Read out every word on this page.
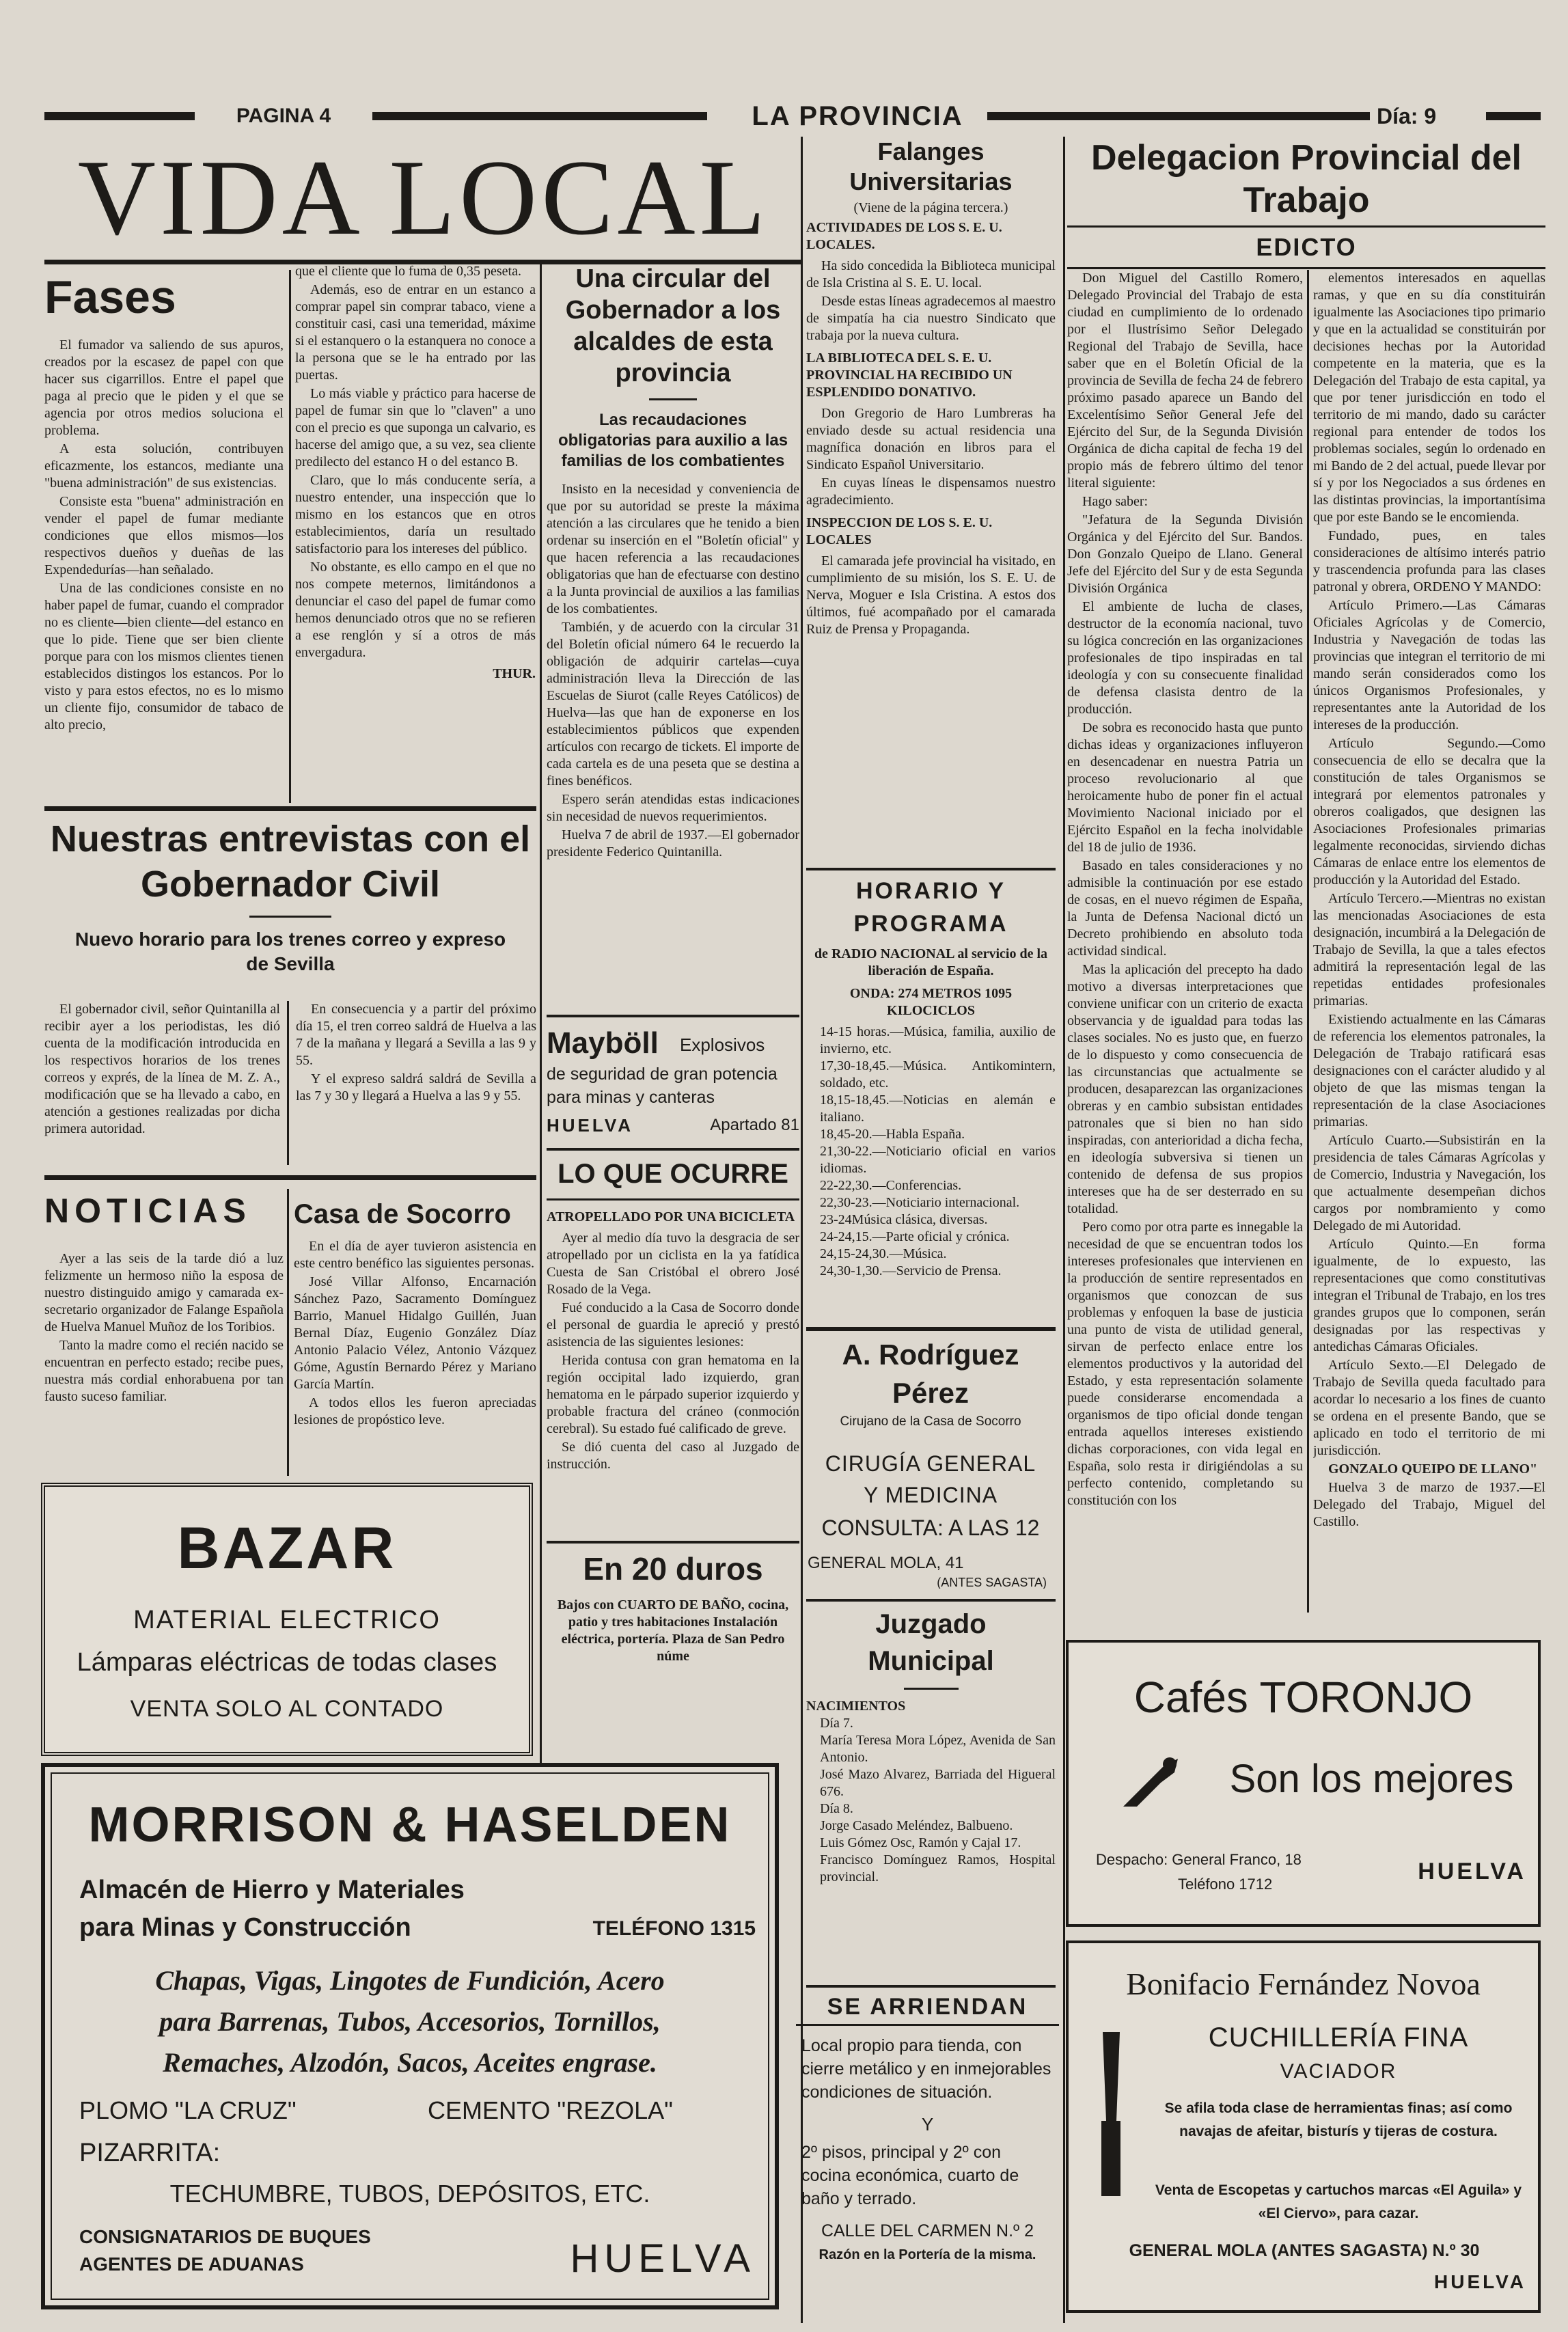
PAGINA 4	LA PROVINCIA	Día: 9
VIDA LOCAL
Fases

El fumador va saliendo de sus apuros, creados por la escasez de papel con que hacer sus cigarrillos. Entre el papel que paga al precio que le piden y el que se agencia por otros medios soluciona el problema.

A esta solución, contribuyen eficazmente, los estancos, mediante una "buena administración" de sus existencias.

Consiste esta "buena" administración en vender el papel de fumar mediante condiciones que ellos mismos—los respectivos dueños y dueñas de las Expendedurías—han señalado.

Una de las condiciones consiste en no haber papel de fumar, cuando el comprador no es cliente—bien cliente—del estanco en que lo pide. Tiene que ser bien cliente porque para con los mismos clientes tienen establecidos distingos los estancos. Por lo visto y para estos efectos, no es lo mismo un cliente fijo, consumidor de tabaco de alto precio,

que el cliente que lo fuma de 0,35 peseta.

Además, eso de entrar en un estanco a comprar papel sin comprar tabaco, viene a constituir casi, casi una temeridad, máxime si el estanquero o la estanquera no conoce a la persona que se le ha entrado por las puertas.

Lo más viable y práctico para hacerse de papel de fumar sin que lo "claven" a uno con el precio es que suponga un calvario, es hacerse del amigo que, a su vez, sea cliente predilecto del estanco H o del estanco B.

Claro, que lo más conducente sería, a nuestro entender, una inspección que lo mismo en los estancos que en otros establecimientos, daría un resultado satisfactorio para los intereses del público.

No obstante, es ello campo en el que no nos compete meternos, limitándonos a denunciar el caso del papel de fumar como hemos denunciado otros que no se refieren a ese renglón y sí a otros de más envergadura.

THUR.
Nuestras entrevistas con el Gobernador Civil
Nuevo horario para los trenes correo y expreso de Sevilla

El gobernador civil, señor Quintanilla al recibir ayer a los periodistas, les dió cuenta de la modificación introducida en los respectivos horarios de los trenes correos y exprés, de la línea de M. Z. A., modificación que se ha llevado a cabo, en atención a gestiones realizadas por dicha primera autoridad.

En consecuencia y a partir del próximo día 15, el tren correo saldrá de Huelva a las 7 de la mañana y llegará a Sevilla a las 9 y 55.

Y el expreso saldrá saldrá de Sevilla a las 7 y 30 y llegará a Huelva a las 9 y 55.

NOTICIAS

Ayer a las seis de la tarde dió a luz felizmente un hermoso niño la esposa de nuestro distinguido amigo y camarada ex-secretario organizador de Falange Española de Huelva Manuel Muñoz de los Toribios.

Tanto la madre como el recién nacido se encuentran en perfecto estado; recibe pues, nuestra más cordial enhorabuena por tan fausto suceso familiar.

Casa de Socorro

En el día de ayer tuvieron asistencia en este centro benéfico las siguientes personas.

José Villar Alfonso, Encarnación Sánchez Pazo, Sacramento Domínguez Barrio, Manuel Hidalgo Guillén, Juan Bernal Díaz, Eugenio González Díaz Antonio Palacio Vélez, Antonio Vázquez Góme, Agustín Bernardo Pérez y Mariano García Martín.

A todos ellos les fueron apreciadas lesiones de propóstico leve.

BAZAR
MATERIAL ELECTRICO
Lámparas eléctricas de todas clases
VENTA SOLO AL CONTADO
Una circular del Gobernador a los alcaldes de esta provincia
Las recaudaciones obligatorias para auxilio a las familias de los combatientes

Insisto en la necesidad y conveniencia de que por su autoridad se preste la máxima atención a las circulares que he tenido a bien ordenar su inserción en el "Boletín oficial" y que hacen referencia a las recaudaciones obligatorias que han de efectuarse con destino a la Junta provincial de auxilios a las familias de los combatientes.

También, y de acuerdo con la circular 31 del Boletín oficial número 64 le recuerdo la obligación de adquirir cartelas—cuya administración lleva la Dirección de las Escuelas de Siurot (calle Reyes Católicos) de Huelva—las que han de exponerse en los establecimientos públicos que expenden artículos con recargo de tickets. El importe de cada cartela es de una peseta que se destina a fines benéficos.

Espero serán atendidas estas indicaciones sin necesidad de nuevos requerimientos.

Huelva 7 de abril de 1937.—El gobernador presidente Federico Quintanilla.

Mayböll	Explosivos
de seguridad de gran potencia para minas y canteras
HUELVA	Apartado 81
LO QUE OCURRE
ATROPELLADO POR UNA BICICLETA

Ayer al medio día tuvo la desgracia de ser atropellado por un ciclista en la ya fatídica Cuesta de San Cristóbal el obrero José Rosado de la Vega.

Fué conducido a la Casa de Socorro donde el personal de guardia le apreció y prestó asistencia de las siguientes lesiones:

Herida contusa con gran hematoma en la región occipital lado izquierdo, gran hematoma en le párpado superior izquierdo y probable fractura del cráneo (conmoción cerebral). Su estado fué calificado de greve.

Se dió cuenta del caso al Juzgado de instrucción.

En 20 duros
Bajos con CUARTO DE BAÑO, cocina, patio y tres habitaciones Instalación eléctrica, portería. Plaza de San Pedro núme
MORRISON & HASELDEN
Almacén de Hierro y Materiales
para Minas y Construcción	TELÉFONO 1315
Chapas, Vigas, Lingotes de Fundición, Acero
para Barrenas, Tubos, Accesorios, Tornillos,
Remaches, Alzodón, Sacos, Aceites engrase.
PLOMO "LA CRUZ"	CEMENTO "REZOLA"
PIZARRITA:
TECHUMBRE, TUBOS, DEPÓSITOS, ETC.
CONSIGNATARIOS DE BUQUES
AGENTES DE ADUANAS	HUELVA
Falanges Universitarias
(Viene de la página tercera.)
ACTIVIDADES DE LOS S. E. U. LOCALES.

Ha sido concedida la Biblioteca municipal de Isla Cristina al S. E. U. local.

Desde estas líneas agradecemos al maestro de simpatía ha cia nuestro Sindicato que trabaja por la nueva cultura.

LA BIBLIOTECA DEL S. E. U. PROVINCIAL HA RECIBIDO UN ESPLENDIDO DONATIVO.

Don Gregorio de Haro Lumbreras ha enviado desde su actual residencia una magnífica donación en libros para el Sindicato Español Universitario.

En cuyas líneas le dispensamos nuestro agradecimiento.

INSPECCION DE LOS S. E. U. LOCALES

El camarada jefe provincial ha visitado, en cumplimiento de su misión, los S. E. U. de Nerva, Moguer e Isla Cristina. A estos dos últimos, fué acompañado por el camarada Ruiz de Prensa y Propaganda.

HORARIO Y PROGRAMA
de RADIO NACIONAL al servicio de la liberación de España.
ONDA: 274 METROS 1095 KILOCICLOS
14-15 horas.—Música, familia, auxilio de invierno, etc.
17,30-18,45.—Música. Antikomintern, soldado, etc.
18,15-18,45.—Noticias en alemán e italiano.
18,45-20.—Habla España.
21,30-22.—Noticiario oficial en varios idiomas.
22-22,30.—Conferencias.
22,30-23.—Noticiario internacional.
23-24Música clásica, diversas.
24-24,15.—Parte oficial y crónica.
24,15-24,30.—Música.
24,30-1,30.—Servicio de Prensa.
A. Rodríguez Pérez
Cirujano de la Casa de Socorro
CIRUGÍA GENERAL
Y MEDICINA
CONSULTA: A LAS 12
GENERAL MOLA, 41
(ANTES SAGASTA)
Juzgado Municipal
NACIMIENTOS
Día 7.
María Teresa Mora López, Avenida de San Antonio.
José Mazo Alvarez, Barriada del Higueral 676.
Día 8.
Jorge Casado Meléndez, Balbueno.
Luis Gómez Osc, Ramón y Cajal 17.
Francisco Domínguez Ramos, Hospital provincial.
SE ARRIENDAN
Local propio para tienda, con cierre metálico y en inmejorables condiciones de situación.
Y
2º pisos, principal y 2º con cocina económica, cuarto de baño y terrado.
CALLE DEL CARMEN N.º 2
Razón en la Portería de la misma.
Delegacion Provincial del Trabajo
EDICTO

Don Miguel del Castillo Romero, Delegado Provincial del Trabajo de esta ciudad en cumplimiento de lo ordenado por el Ilustrísimo Señor Delegado Regional del Trabajo de Sevilla, hace saber que en el Boletín Oficial de la provincia de Sevilla de fecha 24 de febrero próximo pasado aparece un Bando del Excelentísimo Señor General Jefe del Ejército del Sur, de la Segunda División Orgánica de dicha capital de fecha 19 del propio más de febrero último del tenor literal siguiente:

Hago saber:

"Jefatura de la Segunda División Orgánica y del Ejército del Sur. Bandos. Don Gonzalo Queipo de Llano. General Jefe del Ejército del Sur y de esta Segunda División Orgánica

El ambiente de lucha de clases, destructor de la economía nacional, tuvo su lógica concreción en las organizaciones profesionales de tipo inspiradas en tal ideología y con su consecuente finalidad de defensa clasista dentro de la producción.

De sobra es reconocido hasta que punto dichas ideas y organizaciones influyeron en desencadenar en nuestra Patria un proceso revolucionario al que heroicamente hubo de poner fin el actual Movimiento Nacional iniciado por el Ejército Español en la fecha inolvidable del 18 de julio de 1936.

Basado en tales consideraciones y no admisible la continuación por ese estado de cosas, en el nuevo régimen de España, la Junta de Defensa Nacional dictó un Decreto prohibiendo en absoluto toda actividad sindical.

Mas la aplicación del precepto ha dado motivo a diversas interpretaciones que conviene unificar con un criterio de exacta observancia y de igualdad para todas las clases sociales. No es justo que, en fuerzo de lo dispuesto y como consecuencia de las circunstancias que actualmente se producen, desaparezcan las organizaciones obreras y en cambio subsistan entidades patronales que si bien no han sido inspiradas, con anterioridad a dicha fecha, en ideología subversiva si tienen un contenido de defensa de sus propios intereses que ha de ser desterrado en su totalidad.

Pero como por otra parte es innegable la necesidad de que se encuentran todos los intereses profesionales que intervienen en la producción de sentire representados en organismos que conozcan de sus problemas y enfoquen la base de justicia una punto de vista de utilidad general, sirvan de perfecto enlace entre los elementos productivos y la autoridad del Estado, y esta representación solamente puede considerarse encomendada a organismos de tipo oficial donde tengan entrada aquellos intereses existiendo dichas corporaciones, con vida legal en España, solo resta ir dirigiéndolas a su perfecto contenido, completando su constitución con los

elementos interesados en aquellas ramas, y que en su día constituirán igualmente las Asociaciones tipo primario y que en la actualidad se constituirán por decisiones hechas por la Autoridad competente en la materia, que es la Delegación del Trabajo de esta capital, ya que por tener jurisdicción en todo el territorio de mi mando, dado su carácter regional para entender de todos los problemas sociales, según lo ordenado en mi Bando de 2 del actual, puede llevar por sí y por los Negociados a sus órdenes en las distintas provincias, la importantísima que por este Bando se le encomienda.

Fundado, pues, en tales consideraciones de altísimo interés patrio y trascendencia profunda para las clases patronal y obrera, ORDENO Y MANDO:

Artículo Primero.—Las Cámaras Oficiales Agrícolas y de Comercio, Industria y Navegación de todas las provincias que integran el territorio de mi mando serán considerados como los únicos Organismos Profesionales, y representantes ante la Autoridad de los intereses de la producción.

Artículo Segundo.—Como consecuencia de ello se decalra que la constitución de tales Organismos se integrará por elementos patronales y obreros coaligados, que designen las Asociaciones Profesionales primarias legalmente reconocidas, sirviendo dichas Cámaras de enlace entre los elementos de producción y la Autoridad del Estado.

Artículo Tercero.—Mientras no existan las mencionadas Asociaciones de esta designación, incumbirá a la Delegación de Trabajo de Sevilla, la que a tales efectos admitirá la representación legal de las repetidas entidades profesionales primarias.

Existiendo actualmente en las Cámaras de referencia los elementos patronales, la Delegación de Trabajo ratificará esas designaciones con el carácter aludido y al objeto de que las mismas tengan la representación de la clase Asociaciones primarias.

Artículo Cuarto.—Subsistirán en la presidencia de tales Cámaras Agrícolas y de Comercio, Industria y Navegación, los que actualmente desempeñan dichos cargos por nombramiento y como Delegado de mi Autoridad.

Artículo Quinto.—En forma igualmente, de lo expuesto, las representaciones que como constitutivas integran el Tribunal de Trabajo, en los tres grandes grupos que lo componen, serán designadas por las respectivas y antedichas Cámaras Oficiales.

Artículo Sexto.—El Delegado de Trabajo de Sevilla queda facultado para acordar lo necesario a los fines de cuanto se ordena en el presente Bando, que se aplicado en todo el territorio de mi jurisdicción.

GONZALO QUEIPO DE LLANO"

Huelva 3 de marzo de 1937.—El Delegado del Trabajo, Miguel del Castillo.

Cafés TORONJO
Son los mejores
Despacho: General Franco, 18
Teléfono 1712	HUELVA
Bonifacio Fernández Novoa
CUCHILLERÍA FINA
VACIADOR
Se afila toda clase de herramientas finas; así como navajas de afeitar, bisturís y tijeras de costura.
Venta de Escopetas y cartuchos marcas «El Aguila» y «El Ciervo», para cazar.
GENERAL MOLA (ANTES SAGASTA) N.º 30
HUELVA
